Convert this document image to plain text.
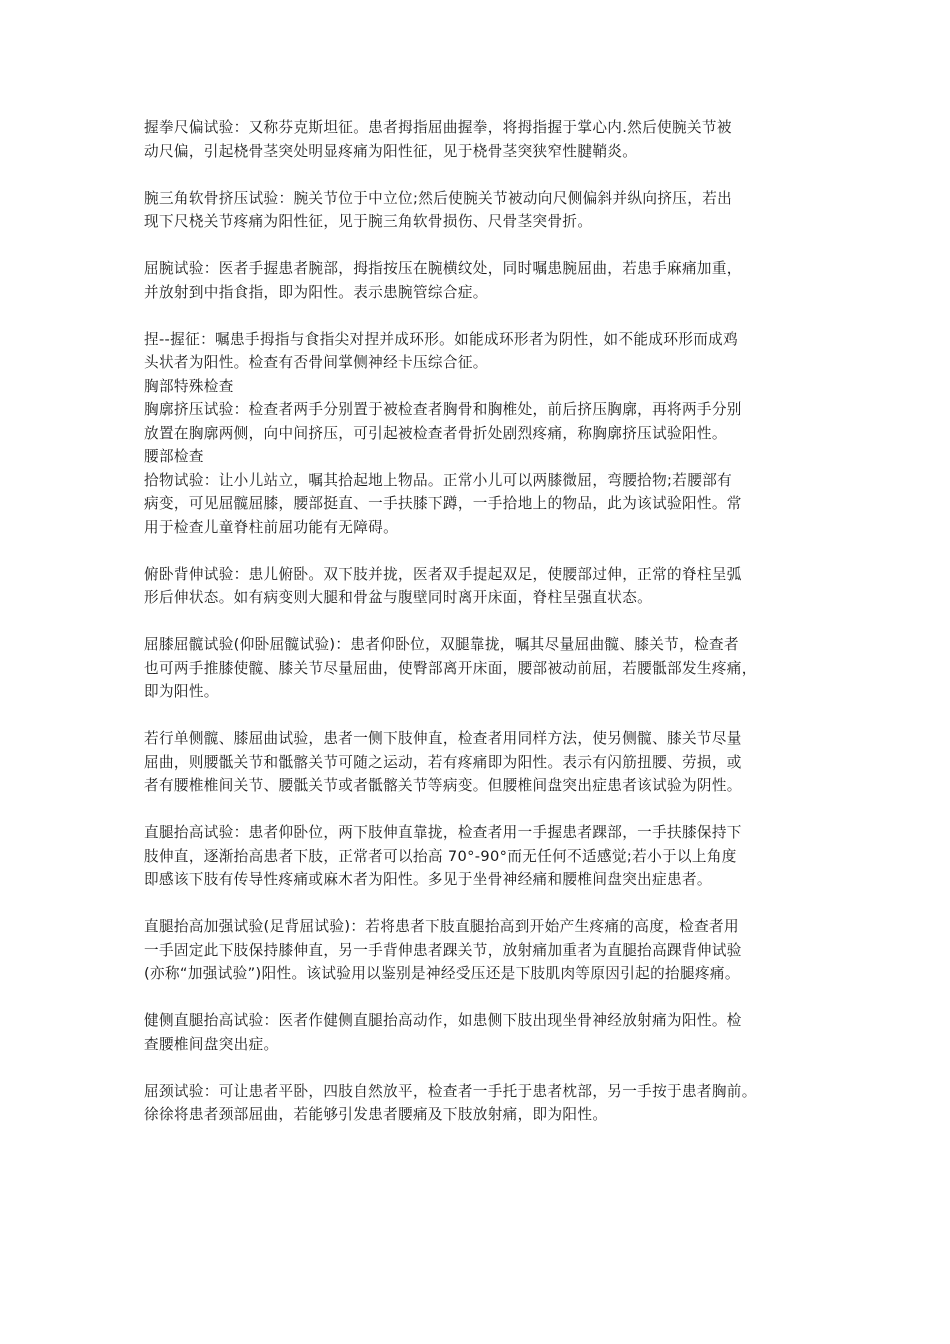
握拳尺偏试验：又称芬克斯坦征。患者拇指屈曲握拳，将拇指握于掌心内.然后使腕关节被
动尺偏，引起桡骨茎突处明显疼痛为阳性征，见于桡骨茎突狭窄性腱鞘炎。
腕三角软骨挤压试验：腕关节位于中立位;然后使腕关节被动向尺侧偏斜并纵向挤压，若出
现下尺桡关节疼痛为阳性征，见于腕三角软骨损伤、尺骨茎突骨折。
屈腕试验：医者手握患者腕部，拇指按压在腕横纹处，同时嘱患腕屈曲，若患手麻痛加重，
并放射到中指食指，即为阳性。表示患腕管综合症。
捏--握征：嘱患手拇指与食指尖对捏并成环形。如能成环形者为阴性，如不能成环形而成鸡
头状者为阳性。检查有否骨间掌侧神经卡压综合征。
胸部特殊检查
胸廓挤压试验：检查者两手分别置于被检查者胸骨和胸椎处，前后挤压胸廓，再将两手分别
放置在胸廓两侧，向中间挤压，可引起被检查者骨折处剧烈疼痛，称胸廓挤压试验阳性。
腰部检查
拾物试验：让小儿站立，嘱其拾起地上物品。正常小儿可以两膝微屈，弯腰拾物;若腰部有
病变，可见屈髋屈膝，腰部挺直、一手扶膝下蹲，一手拾地上的物品，此为该试验阳性。常
用于检查儿童脊柱前屈功能有无障碍。
俯卧背伸试验：患儿俯卧。双下肢并拢，医者双手提起双足，使腰部过伸，正常的脊柱呈弧
形后伸状态。如有病变则大腿和骨盆与腹壁同时离开床面，脊柱呈强直状态。
屈膝屈髋试验(仰卧屈髋试验)：患者仰卧位，双腿靠拢，嘱其尽量屈曲髋、膝关节，检查者
也可两手推膝使髋、膝关节尽量屈曲，使臀部离开床面，腰部被动前屈，若腰骶部发生疼痛，
即为阳性。
若行单侧髋、膝屈曲试验，患者一侧下肢伸直，检查者用同样方法，使另侧髋、膝关节尽量
屈曲，则腰骶关节和骶髂关节可随之运动，若有疼痛即为阳性。表示有闪筋扭腰、劳损，或
者有腰椎椎间关节、腰骶关节或者骶髂关节等病变。但腰椎间盘突出症患者该试验为阴性。
直腿抬高试验：患者仰卧位，两下肢伸直靠拢，检查者用一手握患者踝部，一手扶膝保持下
肢伸直，逐渐抬高患者下肢，正常者可以抬高 70°-90°而无任何不适感觉;若小于以上角度
即感该下肢有传导性疼痛或麻木者为阳性。多见于坐骨神经痛和腰椎间盘突出症患者。
直腿抬高加强试验(足背屈试验)：若将患者下肢直腿抬高到开始产生疼痛的高度，检查者用
一手固定此下肢保持膝伸直，另一手背伸患者踝关节，放射痛加重者为直腿抬高踝背伸试验
(亦称“加强试验”)阳性。该试验用以鉴别是神经受压还是下肢肌肉等原因引起的抬腿疼痛。
健侧直腿抬高试验：医者作健侧直腿抬高动作，如患侧下肢出现坐骨神经放射痛为阳性。检
查腰椎间盘突出症。
屈颈试验：可让患者平卧，四肢自然放平，检查者一手托于患者枕部，另一手按于患者胸前。
徐徐将患者颈部屈曲，若能够引发患者腰痛及下肢放射痛，即为阳性。
